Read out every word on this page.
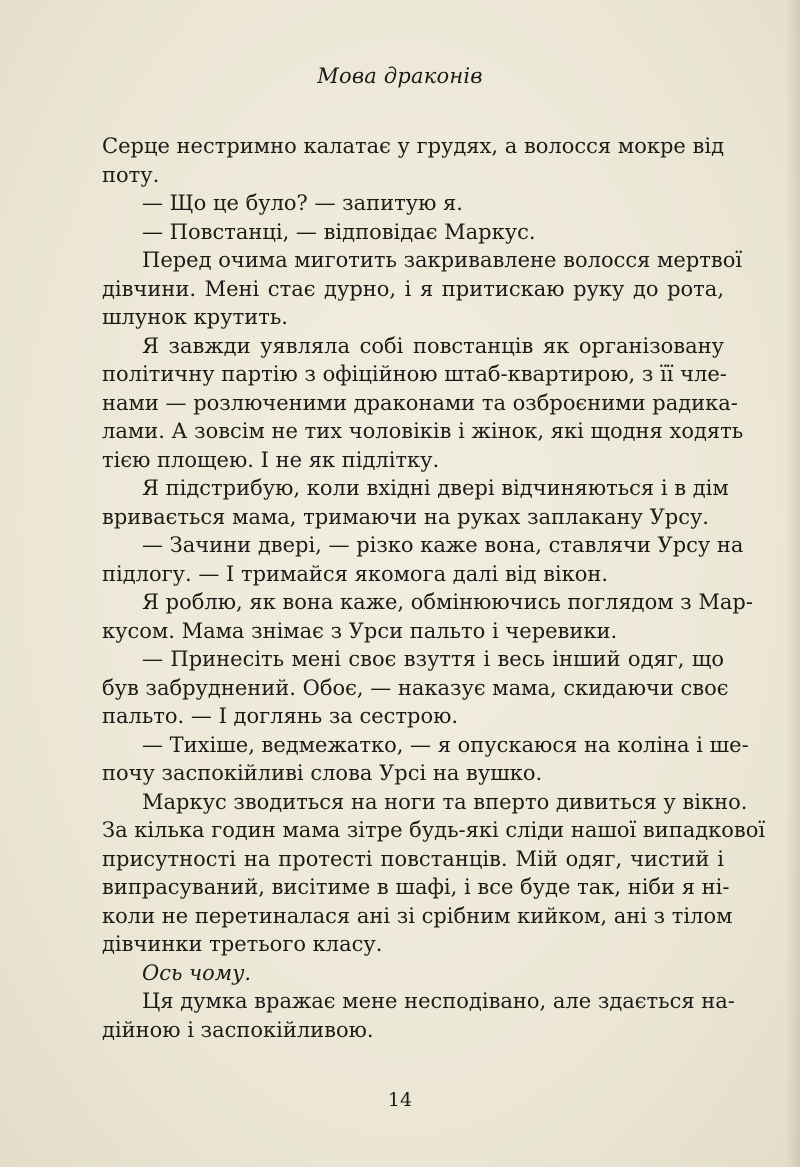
Мова драконів
Серце нестримно калатає у грудях, а волосся мокре від
поту.
— Що це було? — запитую я.
— Повстанці, — відповідає Маркус.
Перед очима миготить закривавлене волосся мертвої
дівчини. Мені стає дурно, і я притискаю руку до рота,
шлунок крутить.
Я завжди уявляла собі повстанців як організовану
політичну партію з офіційною штаб-квартирою, з її чле-
нами — розлюченими драконами та озброєними радика-
лами. А зовсім не тих чоловіків і жінок, які щодня ходять
тією площею. І не як підлітку.
Я підстрибую, коли вхідні двері відчиняються і в дім
вривається мама, тримаючи на руках заплакану Урсу.
— Зачини двері, — різко каже вона, ставлячи Урсу на
підлогу. — І тримайся якомога далі від вікон.
Я роблю, як вона каже, обмінюючись поглядом з Мар-
кусом. Мама знімає з Урси пальто і черевики.
— Принесіть мені своє взуття і весь інший одяг, що
був забруднений. Обоє, — наказує мама, скидаючи своє
пальто. — І доглянь за сестрою.
— Тихіше, ведмежатко, — я опускаюся на коліна і ше-
почу заспокійливі слова Урсі на вушко.
Маркус зводиться на ноги та вперто дивиться у вікно.
За кілька годин мама зітре будь-які сліди нашої випадкової
присутності на протесті повстанців. Мій одяг, чистий і
випрасуваний, висітиме в шафі, і все буде так, ніби я ні-
коли не перетиналася ані зі срібним кийком, ані з тілом
дівчинки третього класу.
Ось чому.
Ця думка вражає мене несподівано, але здається на-
дійною і заспокійливою.
14
